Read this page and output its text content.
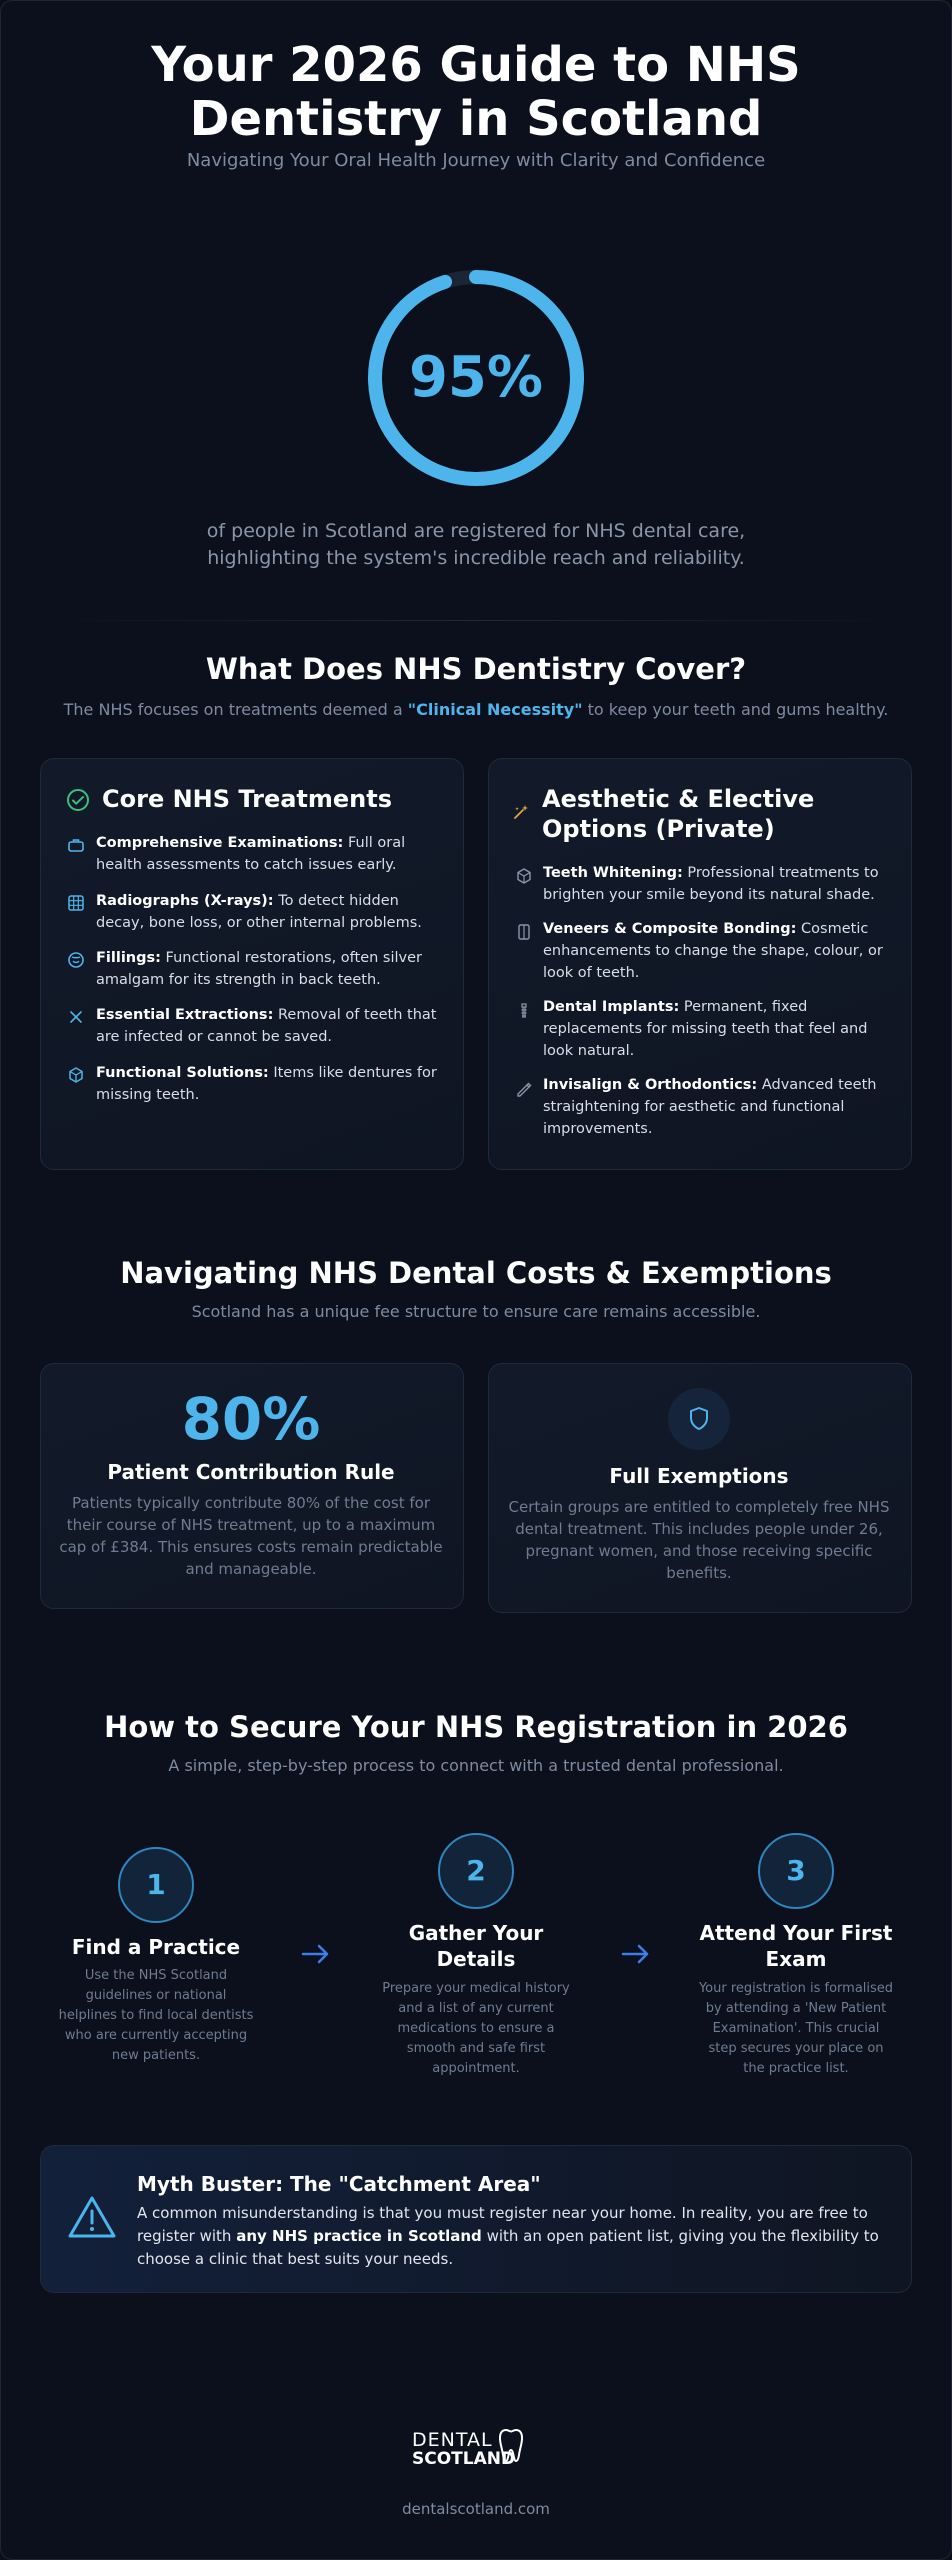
Your 2026 Guide to NHS
Dentistry in Scotland
Navigating Your Oral Health Journey with Clarity and Confidence
95%
of people in Scotland are registered for NHS dental care,
highlighting the system's incredible reach and reliability.
What Does NHS Dentistry Cover?
The NHS focuses on treatments deemed a "Clinical Necessity" to keep your teeth and gums healthy.
Core NHS Treatments
Comprehensive Examinations: Full oral
health assessments to catch issues early.
Radiographs (X-rays): To detect hidden
decay, bone loss, or other internal problems.
Fillings: Functional restorations, often silver
amalgam for its strength in back teeth.
Essential Extractions: Removal of teeth that
are infected or cannot be saved.
Functional Solutions: Items like dentures for
missing teeth.
Aesthetic & Elective
Options (Private)
Teeth Whitening: Professional treatments to
brighten your smile beyond its natural shade.
Veneers & Composite Bonding: Cosmetic
enhancements to change the shape, colour, or
look of teeth.
Dental Implants: Permanent, fixed
replacements for missing teeth that feel and
look natural.
Invisalign & Orthodontics: Advanced teeth
straightening for aesthetic and functional
improvements.
Navigating NHS Dental Costs & Exemptions
Scotland has a unique fee structure to ensure care remains accessible.
80%
Patient Contribution Rule
Patients typically contribute 80% of the cost for
their course of NHS treatment, up to a maximum
cap of £384. This ensures costs remain predictable
and manageable.
Full Exemptions
Certain groups are entitled to completely free NHS
dental treatment. This includes people under 26,
pregnant women, and those receiving specific
benefits.
How to Secure Your NHS Registration in 2026
A simple, step-by-step process to connect with a trusted dental professional.
1
Find a Practice
Use the NHS Scotland
guidelines or national
helplines to find local dentists
who are currently accepting
new patients.
2
Gather Your
Details
Prepare your medical history
and a list of any current
medications to ensure a
smooth and safe first
appointment.
3
Attend Your First
Exam
Your registration is formalised
by attending a 'New Patient
Examination'. This crucial
step secures your place on
the practice list.
Myth Buster: The "Catchment Area"
A common misunderstanding is that you must register near your home. In reality, you are free to
register with any NHS practice in Scotland with an open patient list, giving you the flexibility to
choose a clinic that best suits your needs.
DENTAL
SCOTLAND
dentalscotland.com
